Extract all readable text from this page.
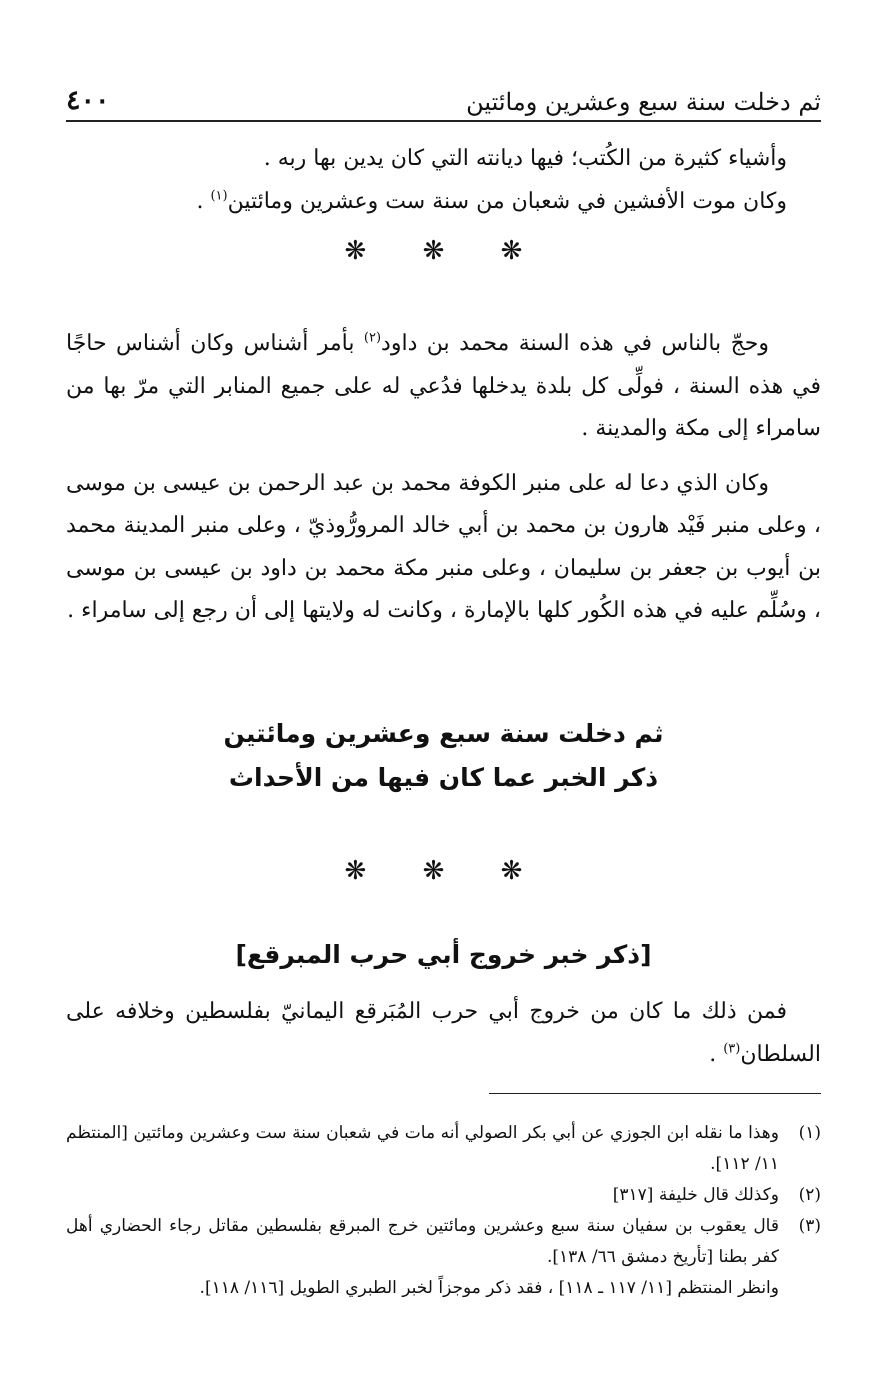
ثم دخلت سنة سبع وعشرين ومائتين
٤٠٠

وأشياء كثيرة من الكُتب؛ فيها ديانته التي كان يدين بها ربه .

وكان موت الأفشين في شعبان من سنة ست وعشرين ومائتين$^{(١)}$ .

❋ ❋ ❋

وحجّ بالناس في هذه السنة محمد بن داود$^{(٢)}$ بأمر أشناس وكان أشناس حاجًا في هذه السنة ، فولِّى كل بلدة يدخلها فدُعي له على جميع المنابر التي مرّ بها من سامراء إلى مكة والمدينة .

وكان الذي دعا له على منبر الكوفة محمد بن عبد الرحمن بن عيسى بن موسى ، وعلى منبر فَيْد هارون بن محمد بن أبي خالد المرورُّوذيّ ، وعلى منبر المدينة محمد بن أيوب بن جعفر بن سليمان ، وعلى منبر مكة محمد بن داود بن عيسى بن موسى ، وسُلِّم عليه في هذه الكُور كلها بالإمارة ، وكانت له ولايتها إلى أن رجع إلى سامراء .

ثم دخلت سنة سبع وعشرين ومائتين
ذكر الخبر عما كان فيها من الأحداث
❋ ❋ ❋
[ذكر خبر خروج أبي حرب المبرقع]

فمن ذلك ما كان من خروج أبي حرب المُبَرقع اليمانيّ بفلسطين وخلافه على السلطان$^{(٣)}$ .

(١)
وهذا ما نقله ابن الجوزي عن أبي بكر الصولي أنه مات في شعبان سنة ست وعشرين ومائتين [المنتظم ١١/ ١١٢].
(٢)
وكذلك قال خليفة [٣١٧]
(٣)
قال يعقوب بن سفيان سنة سبع وعشرين ومائتين خرج المبرقع بفلسطين مقاتل رجاء الحضاري أهل كفر بطنا [تأريخ دمشق ٦٦/ ١٣٨].
وانظر المنتظم [١١/ ١١٧ ـ ١١٨] ، فقد ذكر موجزاً لخبر الطبري الطويل [١١٦/ ١١٨].
